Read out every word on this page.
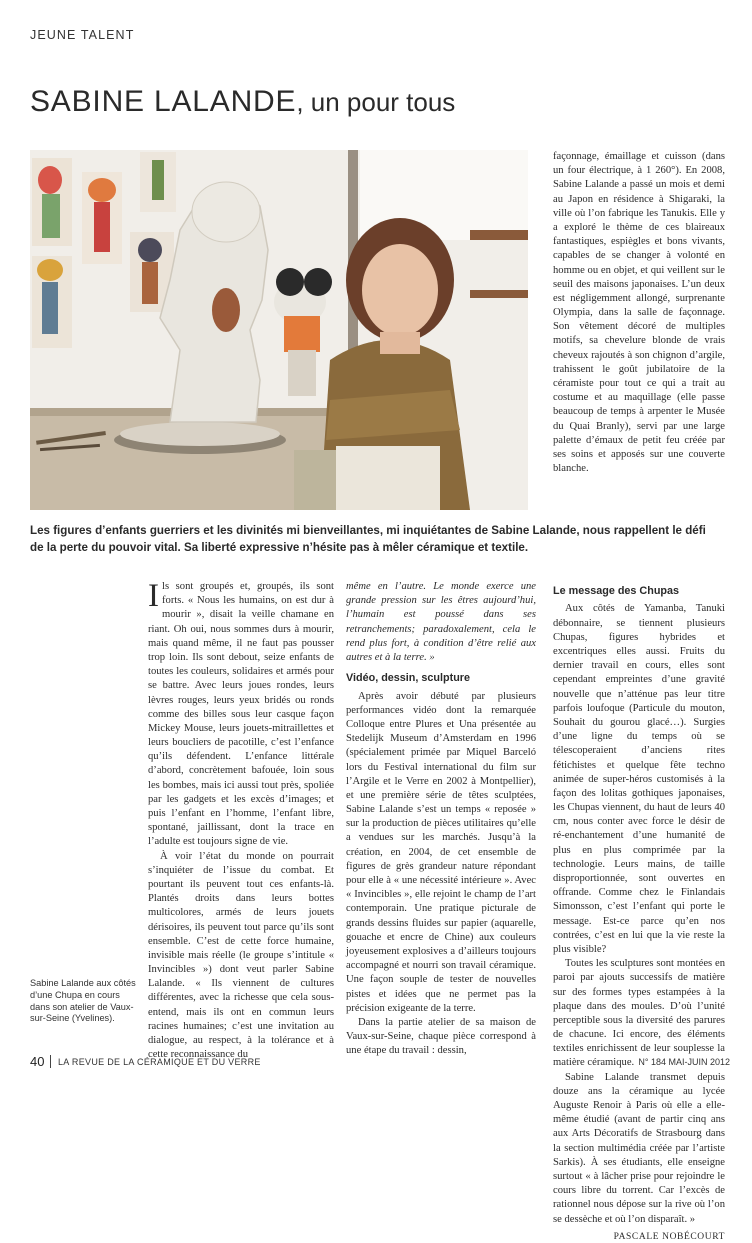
JEUNE TALENT
SABINE LALANDE, un pour tous

Les figures d’enfants guerriers et les divinités mi bienveillantes, mi inquiétantes de Sabine Lalande, nous rappellent le défi de la perte du pouvoir vital. Sa liberté expressive n’hésite pas à mêler céramique et textile.

façonnage, émaillage et cuisson (dans un four électrique, à 1 260°). En 2008, Sabine Lalande a passé un mois et demi au Japon en résidence à Shigaraki, la ville où l’on fabrique les Tanukis. Elle y a exploré le thème de ces blaireaux fantastiques, espiègles et bons vivants, capables de se changer à volonté en homme ou en objet, et qui veillent sur le seuil des maisons japonaises. L’un deux est négligemment allongé, surprenante Olympia, dans la salle de façonnage. Son vêtement décoré de multiples motifs, sa chevelure blonde de vrais cheveux rajoutés à son chignon d’argile, trahissent le goût jubilatoire de la céramiste pour tout ce qui a trait au costume et au maquillage (elle passe beaucoup de temps à arpenter le Musée du Quai Branly), servi par une large palette d’émaux de petit feu créée par ses soins et apposés sur une couverte blanche.

Sabine Lalande aux côtés d’une Chupa en cours dans son atelier de Vaux-sur-Seine (Yvelines).

Ils sont groupés et, groupés, ils sont forts. « Nous les humains, on est dur à mourir », disait la veille chamane en riant. Oh oui, nous sommes durs à mourir, mais quand même, il ne faut pas pousser trop loin. Ils sont debout, seize enfants de toutes les couleurs, solidaires et armés pour se battre. Avec leurs joues rondes, leurs lèvres rouges, leurs yeux bridés ou ronds comme des billes sous leur casque façon Mickey Mouse, leurs jouets-mitraillettes et leurs boucliers de pacotille, c’est l’enfance qu’ils défendent. L’enfance littérale d’abord, concrètement bafouée, loin sous les bombes, mais ici aussi tout près, spoliée par les gadgets et les excès d’images; et puis l’enfant en l’homme, l’enfant libre, spontané, jaillissant, dont la trace en l’adulte est toujours signe de vie.

À voir l’état du monde on pourrait s’inquiéter de l’issue du combat. Et pourtant ils peuvent tout ces enfants-là. Plantés droits dans leurs bottes multicolores, armés de leurs jouets dérisoires, ils peuvent tout parce qu’ils sont ensemble. C’est de cette force humaine, invisible mais réelle (le groupe s’intitule « Invincibles ») dont veut parler Sabine Lalande. « Ils viennent de cultures différentes, avec la richesse que cela sous-entend, mais ils ont en commun leurs racines humaines; c’est une invitation au dialogue, au respect, à la tolérance et à cette reconnaissance du

même en l’autre. Le monde exerce une grande pression sur les êtres aujourd’hui, l’humain est poussé dans ses retranchements; paradoxalement, cela le rend plus fort, à condition d’être relié aux autres et à la terre. »

Vidéo, dessin, sculpture

Après avoir débuté par plusieurs performances vidéo dont la remarquée Colloque entre Plures et Una présentée au Stedelijk Museum d’Amsterdam en 1996 (spécialement primée par Miquel Barceló lors du Festival international du film sur l’Argile et le Verre en 2002 à Montpellier), et une première série de têtes sculptées, Sabine Lalande s’est un temps « reposée » sur la production de pièces utilitaires qu’elle a vendues sur les marchés. Jusqu’à la création, en 2004, de cet ensemble de figures de grès grandeur nature répondant pour elle à « une nécessité intérieure ». Avec « Invincibles », elle rejoint le champ de l’art contemporain. Une pratique picturale de grands dessins fluides sur papier (aquarelle, gouache et encre de Chine) aux couleurs joyeusement explosives a d’ailleurs toujours accompagné et nourri son travail céramique. Une façon souple de tester de nouvelles pistes et idées que ne permet pas la précision exigeante de la terre.

Dans la partie atelier de sa maison de Vaux-sur-Seine, chaque pièce correspond à une étape du travail : dessin,

Le message des Chupas

Aux côtés de Yamanba, Tanuki débonnaire, se tiennent plusieurs Chupas, figures hybrides et excentriques elles aussi. Fruits du dernier travail en cours, elles sont cependant empreintes d’une gravité nouvelle que n’atténue pas leur titre parfois loufoque (Particule du mouton, Souhait du gourou glacé…). Surgies d’une ligne du temps où se télescoperaient d’anciens rites fétichistes et quelque fête techno animée de super-héros customisés à la façon des lolitas gothiques japonaises, les Chupas viennent, du haut de leurs 40 cm, nous conter avec force le désir de ré-enchantement d’une humanité de plus en plus comprimée par la technologie. Leurs mains, de taille disproportionnée, sont ouvertes en offrande. Comme chez le Finlandais Simonsson, c’est l’enfant qui porte le message. Est-ce parce qu’en nos contrées, c’est en lui que la vie reste la plus visible?

Toutes les sculptures sont montées en paroi par ajouts successifs de matière sur des formes types estampées à la plaque dans des moules. D’où l’unité perceptible sous la diversité des parures de chacune. Ici encore, des éléments textiles enrichissent de leur souplesse la matière céramique.

Sabine Lalande transmet depuis douze ans la céramique au lycée Auguste Renoir à Paris où elle a elle-même étudié (avant de partir cinq ans aux Arts Décoratifs de Strasbourg dans la section multimédia créée par l’artiste Sarkis). À ses étudiants, elle enseigne surtout « à lâcher prise pour rejoindre le cours libre du torrent. Car l’excès de rationnel nous dépose sur la rive où l’on se dessèche et où l’on disparaît. »

PASCALE NOBÉCOURT
40 LA REVUE DE LA CÉRAMIQUE ET DU VERRE	N° 184 MAI-JUIN 2012
